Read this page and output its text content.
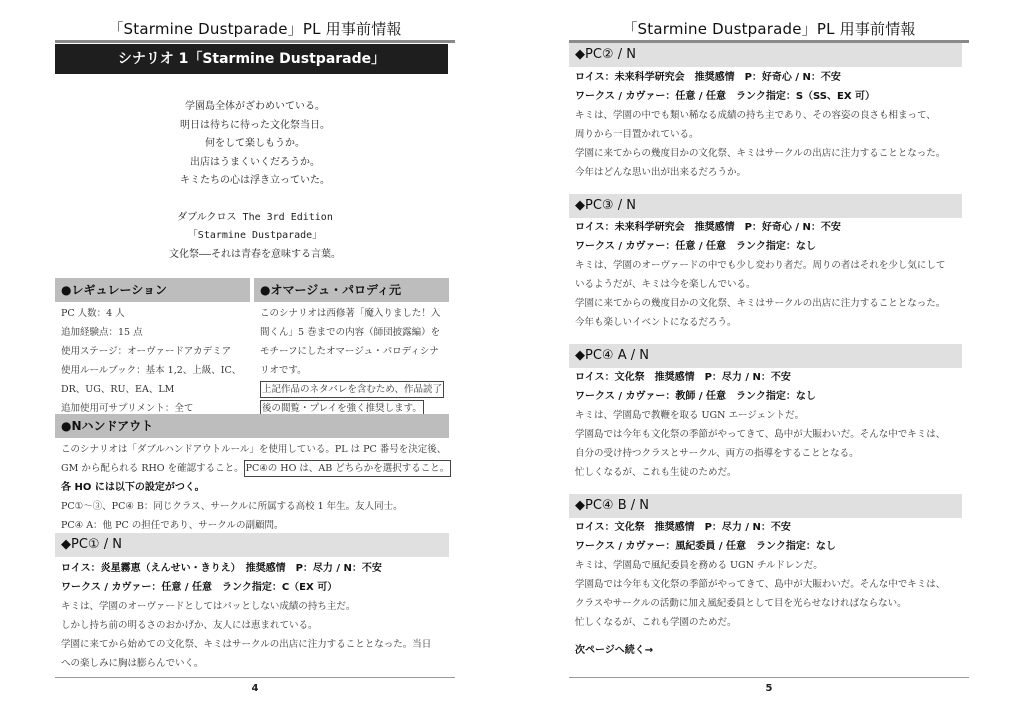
「Starmine Dustparade」PL 用事前情報
シナリオ 1「Starmine Dustparade」
学園島全体がざわめいている。
明日は待ちに待った文化祭当日。
何をして楽しもうか。
出店はうまくいくだろうか。
キミたちの心は浮き立っていた。
ダブルクロス The 3rd Edition
「Starmine Dustparade」
文化祭――それは青春を意味する言葉。
●レギュレーション
PC 人数：4 人
追加経験点：15 点
使用ステージ：オーヴァードアカデミア
使用ルールブック：基本 1,2、上級、IC、
DR、UG、RU、EA、LM
追加使用可サプリメント：全て
●オマージュ・パロディ元
このシナリオは西修著「魔入りました！入
間くん」5 巻までの内容（師団披露編）を
モチーフにしたオマージュ・パロディシナ
リオです。
上記作品のネタバレを含むため、作品読了
後の閲覧・プレイを強く推奨します。
●Nハンドアウト
このシナリオは「ダブルハンドアウトルール」を使用している。PL は PC 番号を決定後、
GM から配られる RHO を確認すること。 PC④の HO は、AB どちらかを選択すること。
各 HO には以下の設定がつく。
PC①〜③、PC④ B：同じクラス、サークルに所属する高校 1 年生。友人同士。
PC④ A：他 PC の担任であり、サークルの副顧問。
◆PC① / N
ロイス：炎星霧恵（えんせい・きりえ）　推奨感情　P：尽力 / N：不安
ワークス / カヴァー：任意 / 任意　ランク指定：C（EX 可）
キミは、学園のオーヴァードとしてはパッとしない成績の持ち主だ。
しかし持ち前の明るさのおかげか、友人には恵まれている。
学園に来てから始めての文化祭、キミはサークルの出店に注力することとなった。当日
への楽しみに胸は膨らんでいく。
4
「Starmine Dustparade」PL 用事前情報
◆PC② / N
ロイス：未来科学研究会　推奨感情　P：好奇心 / N：不安
ワークス / カヴァー：任意 / 任意　ランク指定：S（SS、EX 可）
キミは、学園の中でも類い稀なる成績の持ち主であり、その容姿の良さも相まって、
周りから一目置かれている。
学園に来てからの幾度目かの文化祭、キミはサークルの出店に注力することとなった。
今年はどんな思い出が出来るだろうか。
◆PC③ / N
ロイス：未来科学研究会　推奨感情　P：好奇心 / N：不安
ワークス / カヴァー：任意 / 任意　ランク指定：なし
キミは、学園のオーヴァードの中でも少し変わり者だ。周りの者はそれを少し気にして
いるようだが、キミは今を楽しんでいる。
学園に来てからの幾度目かの文化祭、キミはサークルの出店に注力することとなった。
今年も楽しいイベントになるだろう。
◆PC④ A / N
ロイス：文化祭　推奨感情　P：尽力 / N：不安
ワークス / カヴァー：教師 / 任意　ランク指定：なし
キミは、学園島で教鞭を取る UGN エージェントだ。
学園島では今年も文化祭の季節がやってきて、島中が大賑わいだ。そんな中でキミは、
自分の受け持つクラスとサークル、両方の指導をすることとなる。
忙しくなるが、これも生徒のためだ。
◆PC④ B / N
ロイス：文化祭　推奨感情　P：尽力 / N：不安
ワークス / カヴァー：風紀委員 / 任意　ランク指定：なし
キミは、学園島で風紀委員を務める UGN チルドレンだ。
学園島では今年も文化祭の季節がやってきて、島中が大賑わいだ。そんな中でキミは、
クラスやサークルの活動に加え風紀委員として目を光らせなければならない。
忙しくなるが、これも学園のためだ。
次ページへ続く→
5
